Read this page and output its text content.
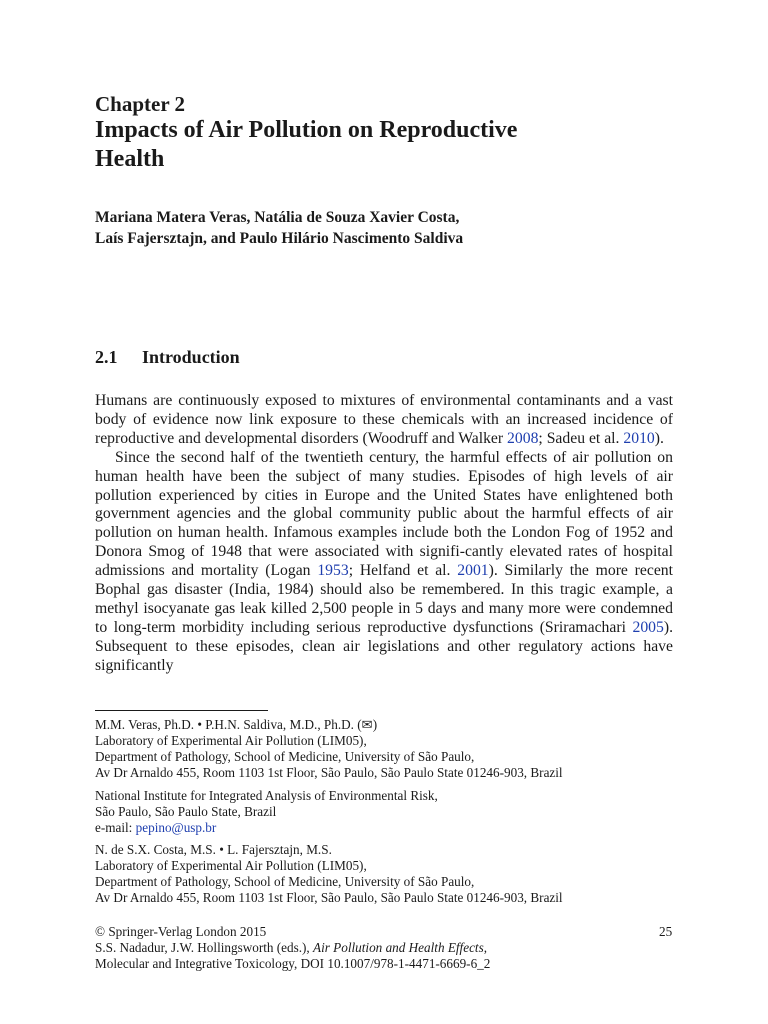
Chapter 2
Impacts of Air Pollution on Reproductive
Health
Mariana Matera Veras, Natália de Souza Xavier Costa,
Laís Fajersztajn, and Paulo Hilário Nascimento Saldiva
2.1 Introduction

Humans are continuously exposed to mixtures of environmental contaminants and a vast body of evidence now link exposure to these chemicals with an increased incidence of reproductive and developmental disorders (Woodruff and Walker 2008; Sadeu et al. 2010).

Since the second half of the twentieth century, the harmful effects of air pollution on human health have been the subject of many studies. Episodes of high levels of air pollution experienced by cities in Europe and the United States have enlightened both government agencies and the global community public about the harmful effects of air pollution on human health. Infamous examples include both the London Fog of 1952 and Donora Smog of 1948 that were associated with signifi-cantly elevated rates of hospital admissions and mortality (Logan 1953; Helfand et al. 2001). Similarly the more recent Bophal gas disaster (India, 1984) should also be remembered. In this tragic example, a methyl isocyanate gas leak killed 2,500 people in 5 days and many more were condemned to long-term morbidity including serious reproductive dysfunctions (Sriramachari 2005). Subsequent to these episodes, clean air legislations and other regulatory actions have significantly

M.M. Veras, Ph.D. • P.H.N. Saldiva, M.D., Ph.D. (✉)
Laboratory of Experimental Air Pollution (LIM05),
Department of Pathology, School of Medicine, University of São Paulo,
Av Dr Arnaldo 455, Room 1103 1st Floor, São Paulo, São Paulo State 01246-903, Brazil
National Institute for Integrated Analysis of Environmental Risk,
São Paulo, São Paulo State, Brazil
e-mail: pepino@usp.br
N. de S.X. Costa, M.S. • L. Fajersztajn, M.S.
Laboratory of Experimental Air Pollution (LIM05),
Department of Pathology, School of Medicine, University of São Paulo,
Av Dr Arnaldo 455, Room 1103 1st Floor, São Paulo, São Paulo State 01246-903, Brazil
© Springer-Verlag London 2015
S.S. Nadadur, J.W. Hollingsworth (eds.), Air Pollution and Health Effects,
Molecular and Integrative Toxicology, DOI 10.1007/978-1-4471-6669-6_2
25
